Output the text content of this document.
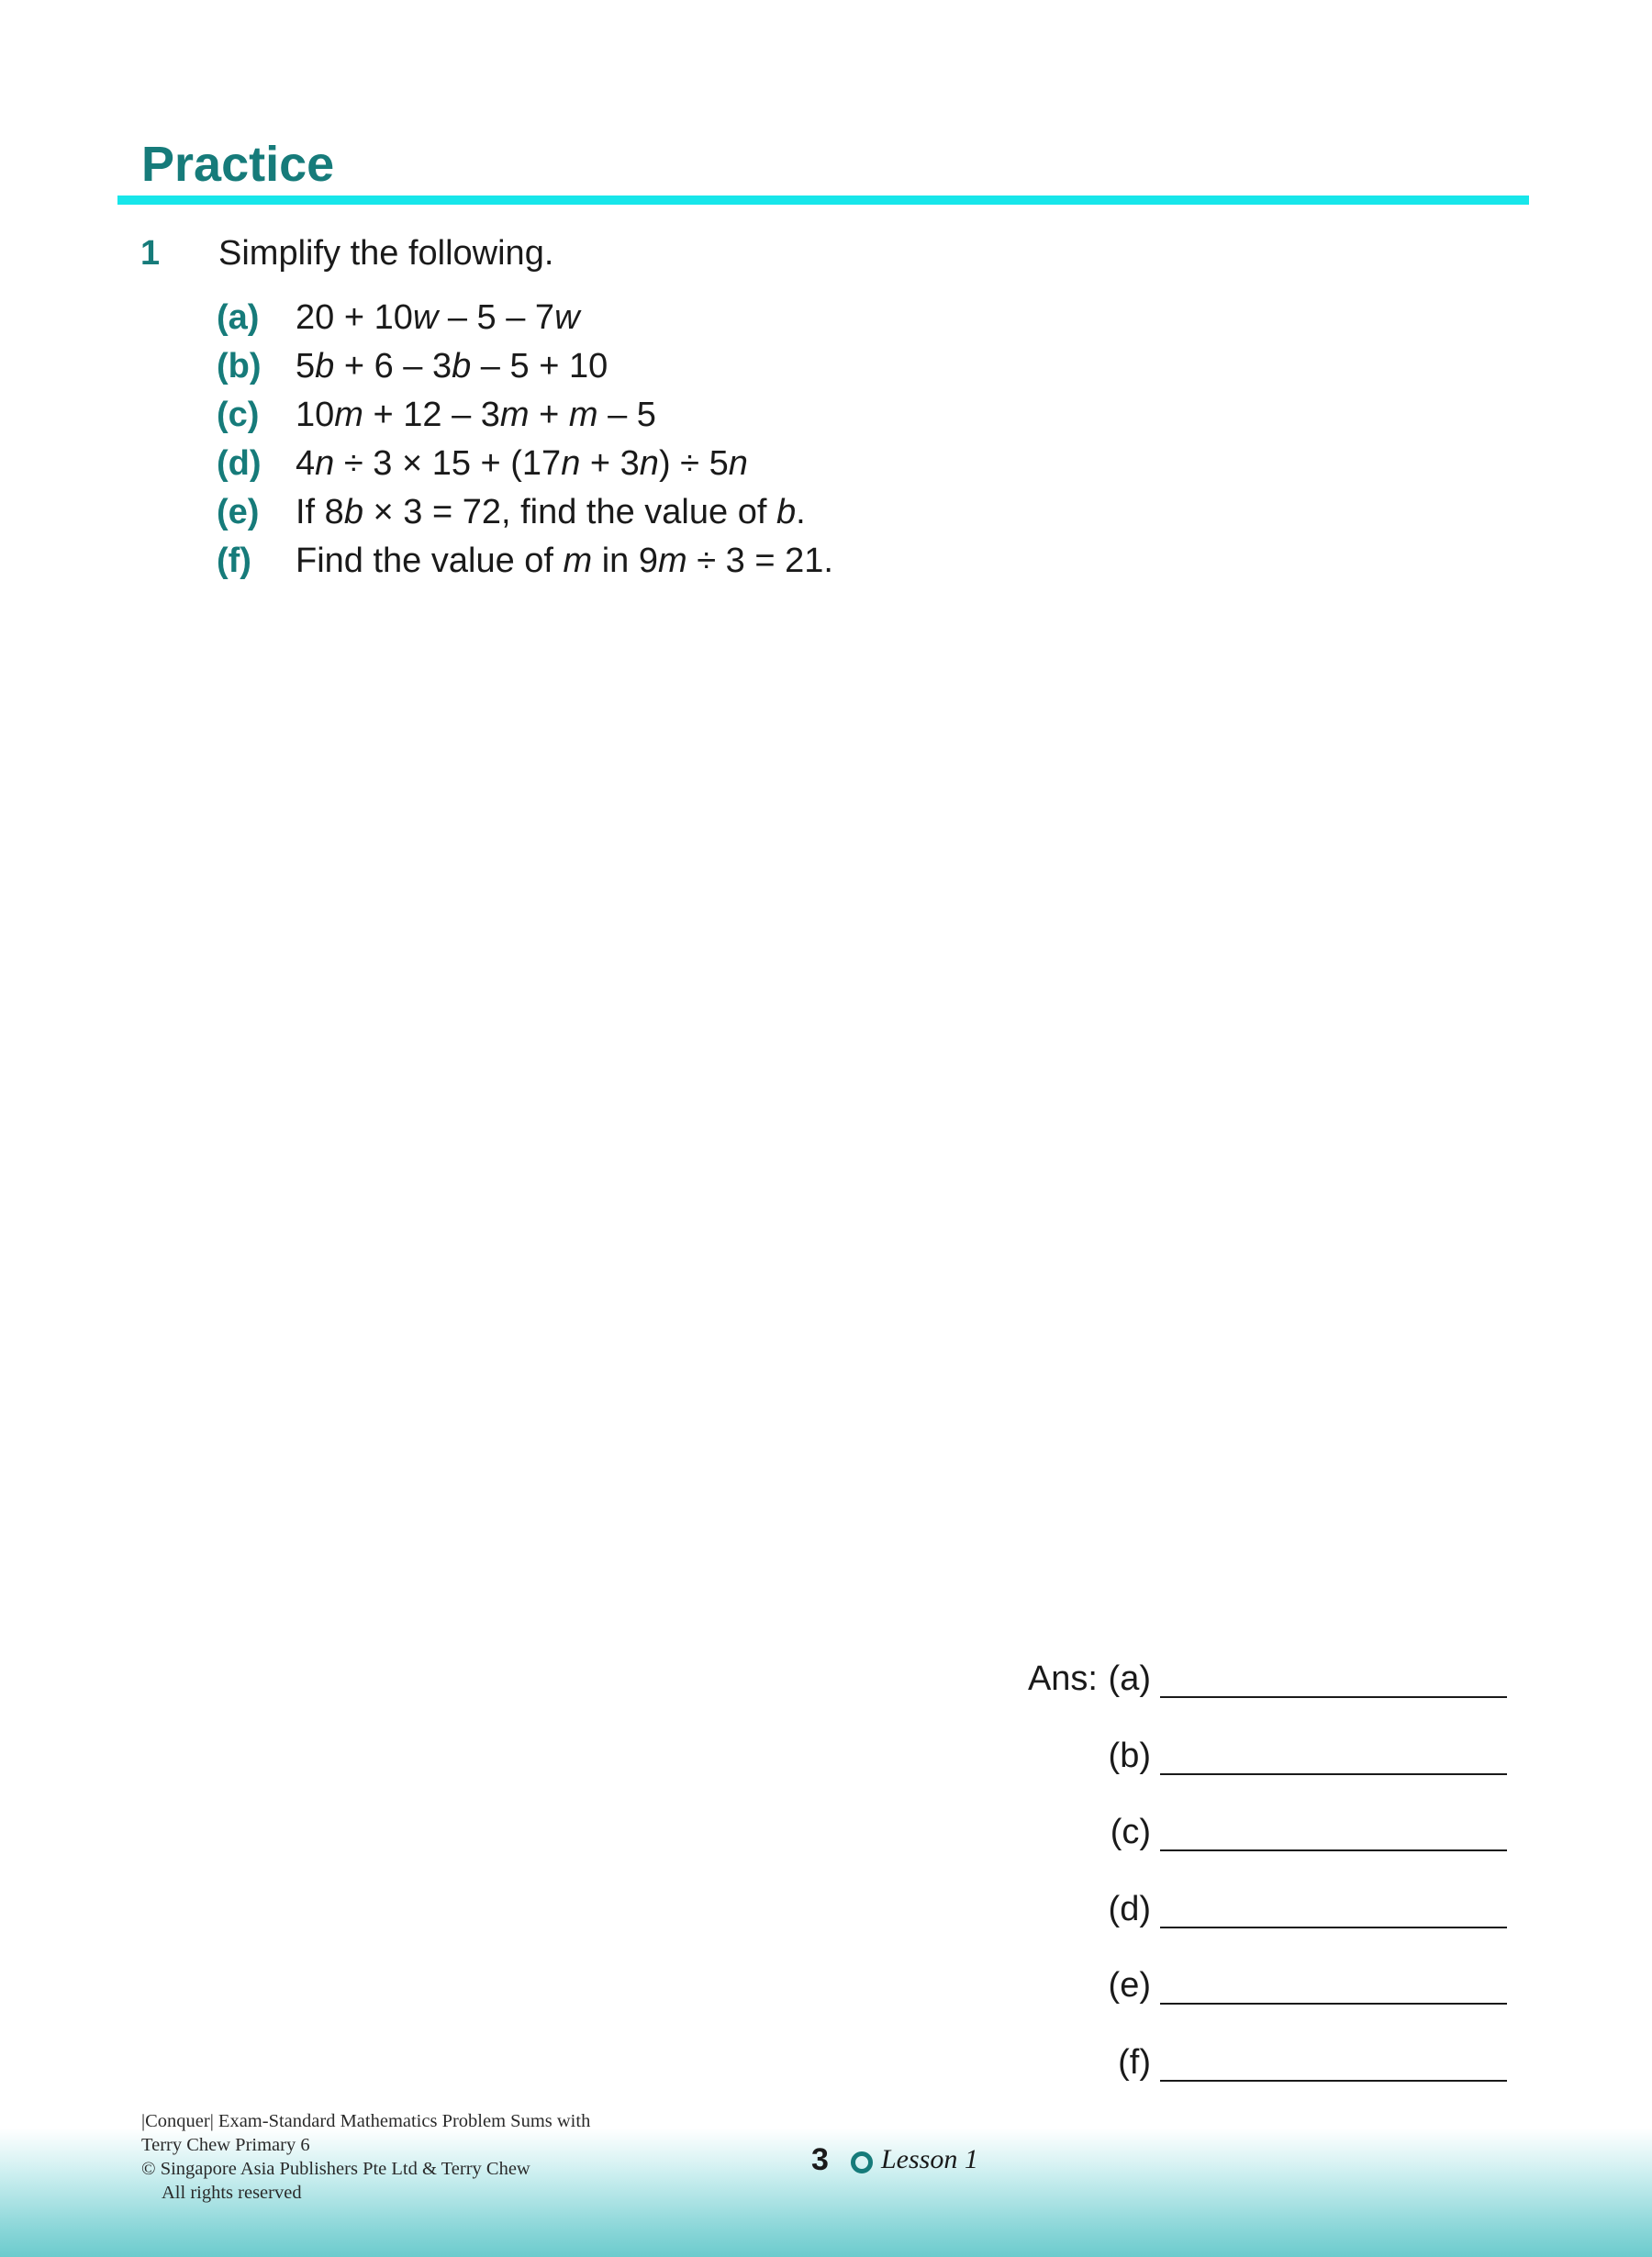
Practice
1 Simplify the following.
(a)	20 + 10w – 5 – 7w
(b) 5b + 6 – 3b – 5 + 10
(c)	10m + 12 – 3m + m – 5
(d) 4n ÷ 3 × 15 + (17n + 3n) ÷ 5n
(e)	If 8b × 3 = 72, find the value of b.
(f)	Find the value of m in 9m ÷ 3 = 21.
Ans: (a)
(b)
(c)
(d)
(e)
(f)
|Conquer| Exam-Standard Mathematics Problem Sums with
Terry Chew Primary 6
© Singapore Asia Publishers Pte Ltd & Terry Chew
All rights reserved
3 Lesson 1
